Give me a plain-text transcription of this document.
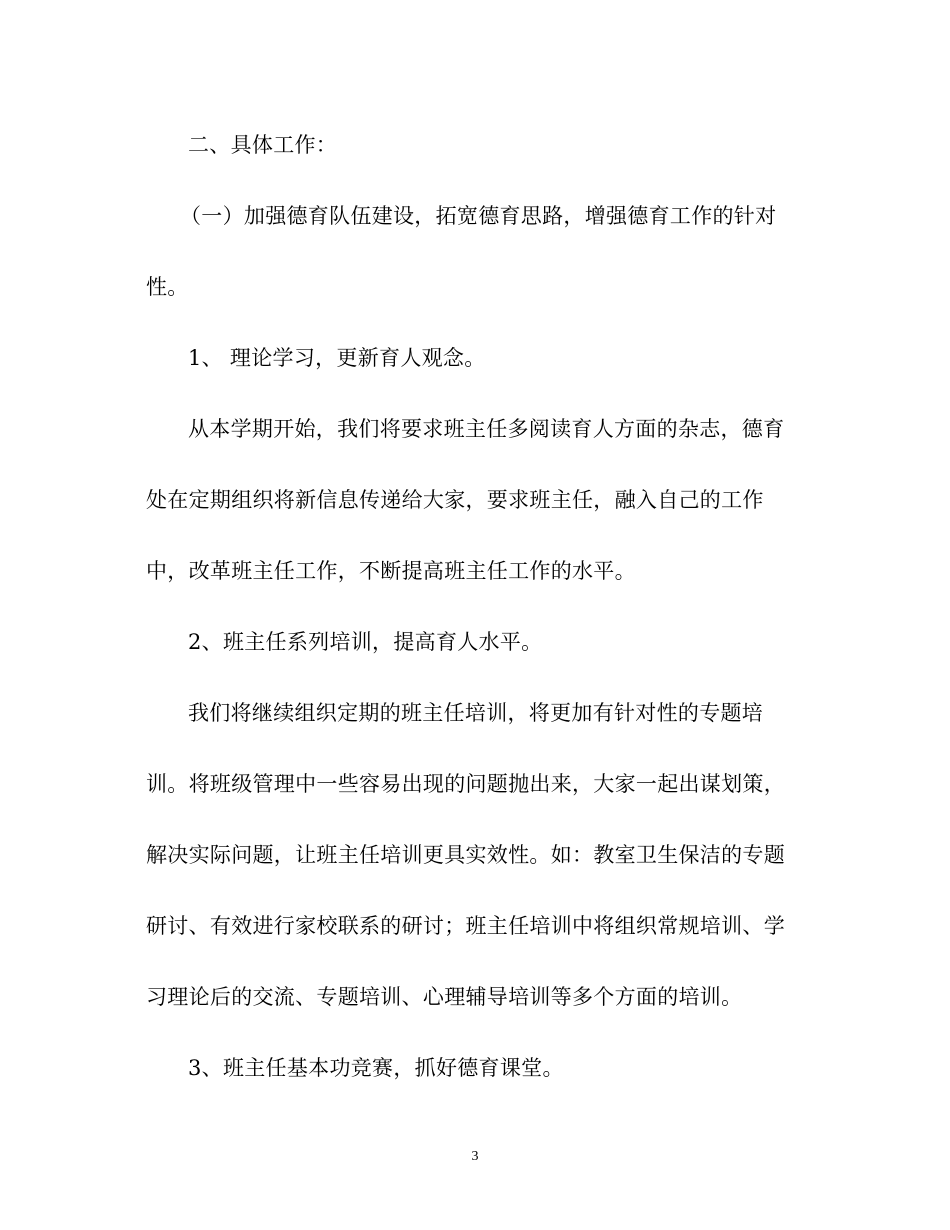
二、具体工作：
（一）加强德育队伍建设，拓宽德育思路，增强德育工作的针对
性。
1、 理论学习，更新育人观念。
从本学期开始，我们将要求班主任多阅读育人方面的杂志，德育
处在定期组织将新信息传递给大家，要求班主任，融入自己的工作
中，改革班主任工作，不断提高班主任工作的水平。
2、班主任系列培训，提高育人水平。
我们将继续组织定期的班主任培训，将更加有针对性的专题培
训。将班级管理中一些容易出现的问题抛出来，大家一起出谋划策，
解决实际问题，让班主任培训更具实效性。如：教室卫生保洁的专题
研讨、有效进行家校联系的研讨；班主任培训中将组织常规培训、学
习理论后的交流、专题培训、心理辅导培训等多个方面的培训。
3、班主任基本功竞赛，抓好德育课堂。
3
